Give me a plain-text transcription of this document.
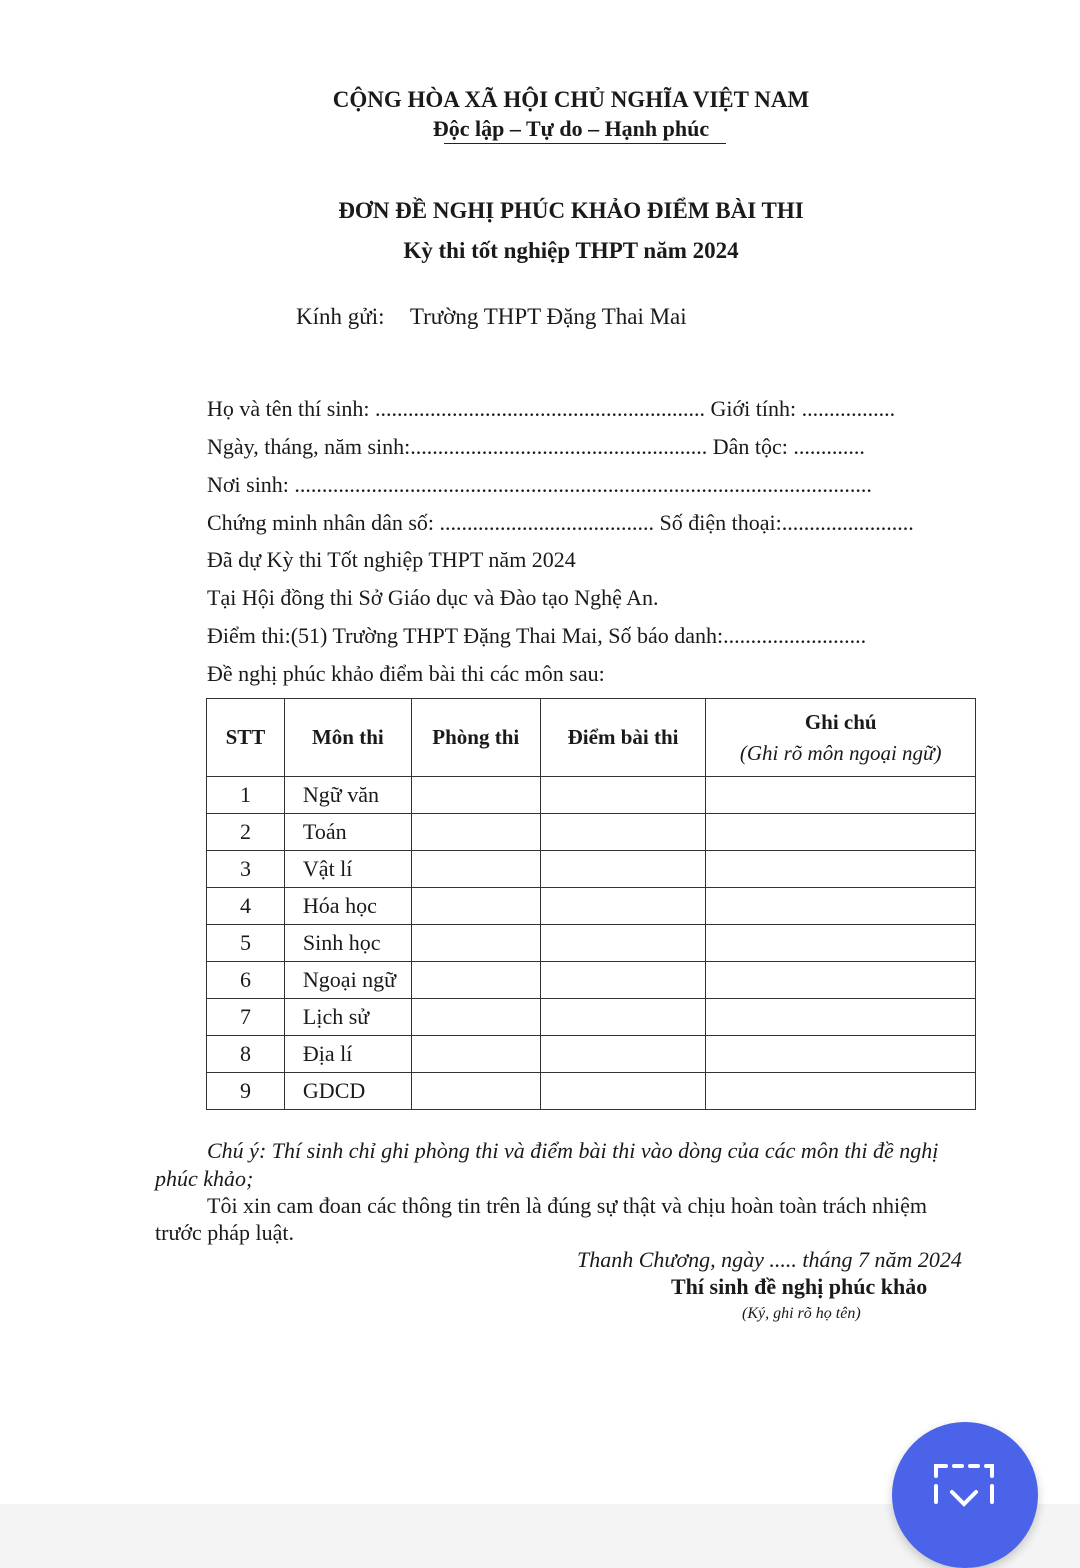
CỘNG HÒA XÃ HỘI CHỦ NGHĨA VIỆT NAM
Độc lập – Tự do – Hạnh phúc
ĐƠN ĐỀ NGHỊ PHÚC KHẢO ĐIỂM BÀI THI
Kỳ thi tốt nghiệp THPT năm 2024
Kính gửi: Trường THPT Đặng Thai Mai
Họ và tên thí sinh: ............................................................ Giới tính: .................
Ngày, tháng, năm sinh:...................................................... Dân tộc: .............
Nơi sinh: .........................................................................................................
Chứng minh nhân dân số: ....................................... Số điện thoại:........................
Đã dự Kỳ thi Tốt nghiệp THPT năm 2024
Tại Hội đồng thi Sở Giáo dục và Đào tạo Nghệ An.
Điểm thi:(51) Trường THPT Đặng Thai Mai, Số báo danh:..........................
Đề nghị phúc khảo điểm bài thi các môn sau:
STT	Môn thi	Phòng thi	Điểm bài thi	Ghi chú
(Ghi rõ môn ngoại ngữ)

1	Ngữ văn			
2	Toán			
3	Vật lí			
4	Hóa học			
5	Sinh học			
6	Ngoại ngữ			
7	Lịch sử			
8	Địa lí			
9	GDCD			
Chú ý: Thí sinh chỉ ghi phòng thi và điểm bài thi vào dòng của các môn thi đề nghị
phúc khảo;
Tôi xin cam đoan các thông tin trên là đúng sự thật và chịu hoàn toàn trách nhiệm
trước pháp luật.
Thanh Chương, ngày ..... tháng 7 năm 2024
Thí sinh đề nghị phúc khảo
(Ký, ghi rõ họ tên)
